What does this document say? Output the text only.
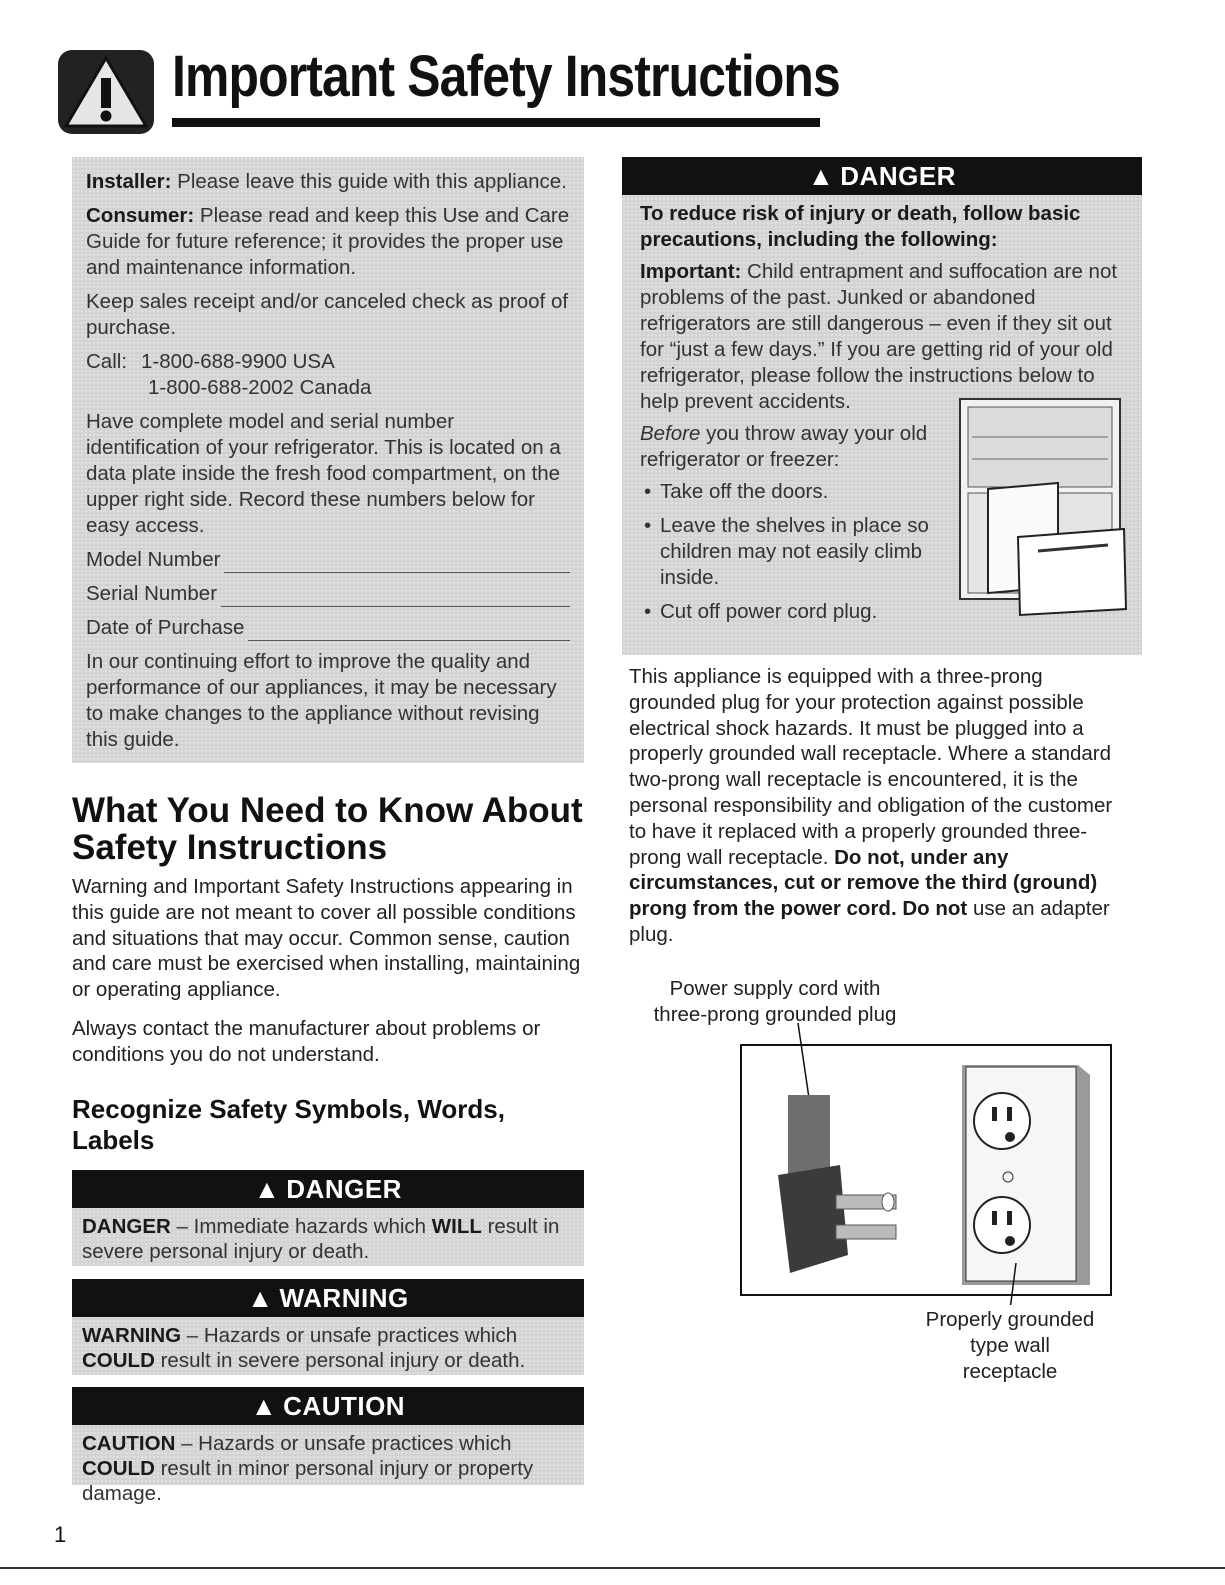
Important Safety Instructions

Installer: Please leave this guide with this appliance.

Consumer: Please read and keep this Use and Care Guide for future reference; it provides the proper use and maintenance information.

Keep sales receipt and/or canceled check as proof of purchase.

Call: 1-800-688-9900 USA
1-800-688-2002 Canada

Have complete model and serial number identification of your refrigerator. This is located on a data plate inside the fresh food compartment, on the upper right side. Record these numbers below for easy access.

Model Number
Serial Number
Date of Purchase

In our continuing effort to improve the quality and performance of our appliances, it may be necessary to make changes to the appliance without revising this guide.

What You Need to Know About Safety Instructions

Warning and Important Safety Instructions appearing in this guide are not meant to cover all possible conditions and situations that may occur. Common sense, caution and care must be exercised when installing, maintaining or operating appliance.

Always contact the manufacturer about problems or conditions you do not understand.

Recognize Safety Symbols, Words, Labels
▲ DANGER
DANGER – Immediate hazards which WILL result in severe personal injury or death.
▲ WARNING
WARNING – Hazards or unsafe practices which COULD result in severe personal injury or death.
▲ CAUTION
CAUTION – Hazards or unsafe practices which COULD result in minor personal injury or property damage.
▲ DANGER

To reduce risk of injury or death, follow basic precautions, including the following:

Important: Child entrapment and suffocation are not problems of the past. Junked or abandoned refrigerators are still dangerous – even if they sit out for “just a few days.” If you are getting rid of your old refrigerator, please follow the instructions below to help prevent accidents.

Before you throw away your old refrigerator or freezer:

• Take off the doors.
• Leave the shelves in place so children may not easily climb inside.
• Cut off power cord plug.

This appliance is equipped with a three-prong grounded plug for your protection against possible electrical shock hazards. It must be plugged into a properly grounded wall receptacle. Where a standard two-prong wall receptacle is encountered, it is the personal responsibility and obligation of the customer to have it replaced with a properly grounded three-prong wall receptacle. Do not, under any circumstances, cut or remove the third (ground) prong from the power cord. Do not use an adapter plug.

Power supply cord with three-prong grounded plug
Properly grounded type wall receptacle
1
